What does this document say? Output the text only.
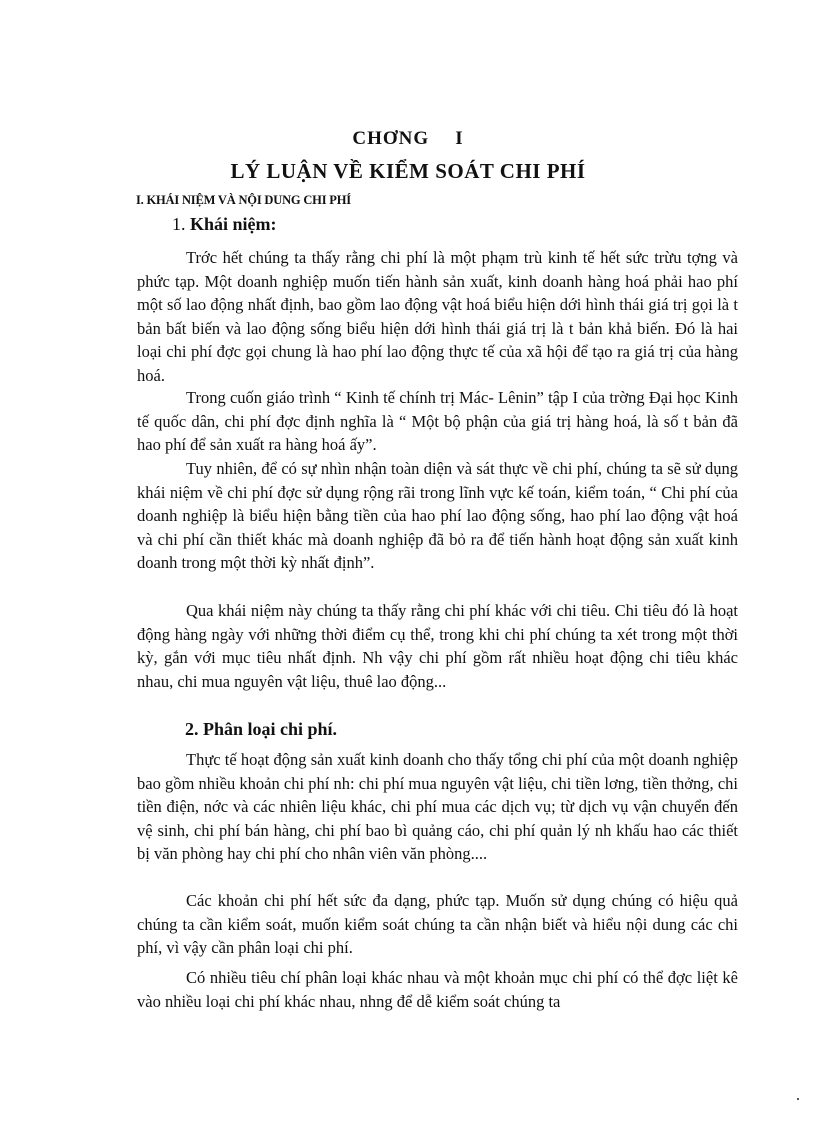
CHƠNG I
LÝ LUẬN VỀ KIỂM SOÁT CHI PHÍ
I. KHÁI NIỆM VÀ NỘI DUNG CHI PHÍ
1. Khái niệm:

Trớc hết chúng ta thấy rằng chi phí là một phạm trù kinh tế hết sức trừu tợng và phức tạp. Một doanh nghiệp muốn tiến hành sản xuất, kinh doanh hàng hoá phải hao phí một số lao động nhất định, bao gồm lao động vật hoá biểu hiện dới hình thái giá trị gọi là t bản bất biến và lao động sống biểu hiện dới hình thái giá trị là t bản khả biến. Đó là hai loại chi phí đợc gọi chung là hao phí lao động thực tế của xã hội để tạo ra giá trị của hàng hoá.

Trong cuốn giáo trình “ Kinh tế chính trị Mác- Lênin” tập I của trờng Đại học Kinh tế quốc dân, chi phí đợc định nghĩa là “ Một bộ phận của giá trị hàng hoá, là số t bản đã hao phí để sản xuất ra hàng hoá ấy”.

Tuy nhiên, để có sự nhìn nhận toàn diện và sát thực về chi phí, chúng ta sẽ sử dụng khái niệm về chi phí đợc sử dụng rộng rãi trong lĩnh vực kế toán, kiểm toán, “ Chi phí của doanh nghiệp là biểu hiện bằng tiền của hao phí lao động sống, hao phí lao động vật hoá và chi phí cần thiết khác mà doanh nghiệp đã bỏ ra để tiến hành hoạt động sản xuất kinh doanh trong một thời kỳ nhất định”.

Qua khái niệm này chúng ta thấy rằng chi phí khác với chi tiêu. Chi tiêu đó là hoạt động hàng ngày với những thời điểm cụ thể, trong khi chi phí chúng ta xét trong một thời kỳ, gắn với mục tiêu nhất định. Nh vậy chi phí gồm rất nhiều hoạt động chi tiêu khác nhau, chi mua nguyên vật liệu, thuê lao động...

2. Phân loại chi phí.

Thực tế hoạt động sản xuất kinh doanh cho thấy tổng chi phí của một doanh nghiệp bao gồm nhiều khoản chi phí nh: chi phí mua nguyên vật liệu, chi tiền lơng, tiền thởng, chi tiền điện, nớc và các nhiên liệu khác, chi phí mua các dịch vụ; từ dịch vụ vận chuyển đến vệ sinh, chi phí bán hàng, chi phí bao bì quảng cáo, chi phí quản lý nh khấu hao các thiết bị văn phòng hay chi phí cho nhân viên văn phòng....

Các khoản chi phí hết sức đa dạng, phức tạp. Muốn sử dụng chúng có hiệu quả chúng ta cần kiểm soát, muốn kiểm soát chúng ta cần nhận biết và hiểu nội dung các chi phí, vì vậy cần phân loại chi phí.

Có nhiều tiêu chí phân loại khác nhau và một khoản mục chi phí có thể đợc liệt kê vào nhiều loại chi phí khác nhau, nhng để dễ kiểm soát chúng ta
